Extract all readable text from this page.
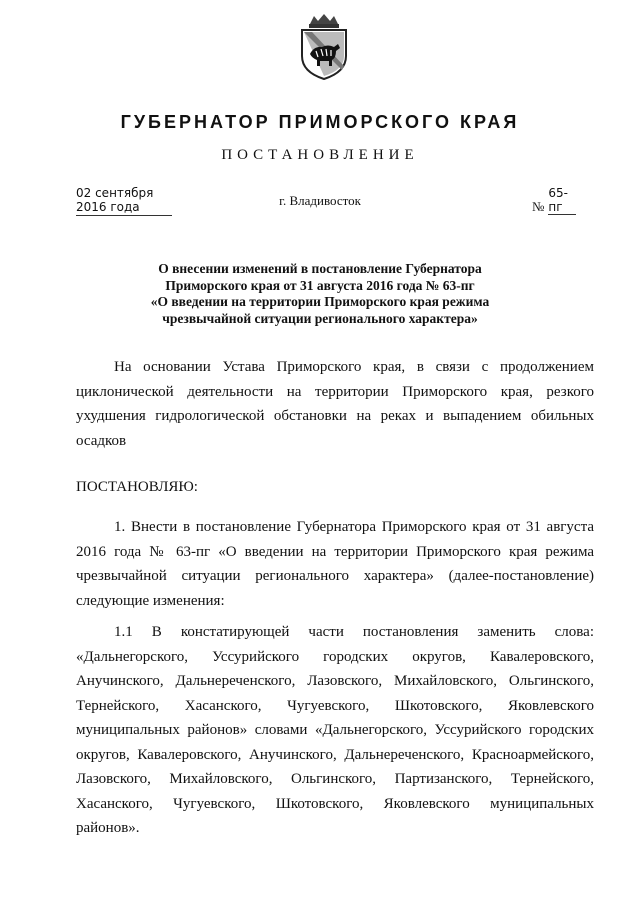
ГУБЕРНАТОР ПРИМОРСКОГО КРАЯ
ПОСТАНОВЛЕНИЕ
02 сентября 2016 года	г. Владивосток	№65-пг
О внесении изменений в постановление Губернатора
Приморского края от 31 августа 2016 года № 63-пг
«О введении на территории Приморского края режима
чрезвычайной ситуации регионального характера»
На основании Устава Приморского края, в связи с продолжением
циклонической деятельности на территории Приморского края, резкого
ухудшения гидрологической обстановки на реках и выпадением обильных
осадков
ПОСТАНОВЛЯЮ:
1. Внести в постановление Губернатора Приморского края от 31 августа
2016 года № 63-пг «О введении на территории Приморского края режима
чрезвычайной ситуации регионального характера» (далее-постановление)
следующие изменения:
1.1 В констатирующей части постановления заменить слова:
«Дальнегорского, Уссурийского городских округов, Кавалеровского,
Анучинского, Дальнереченского, Лазовского, Михайловского, Ольгинского,
Тернейского, Хасанского, Чугуевского, Шкотовского, Яковлевского
муниципальных районов» словами «Дальнегорского, Уссурийского городских
округов, Кавалеровского, Анучинского, Дальнереченского, Красноармейского,
Лазовского, Михайловского, Ольгинского, Партизанского, Тернейского,
Хасанского, Чугуевского, Шкотовского, Яковлевского муниципальных
районов».
